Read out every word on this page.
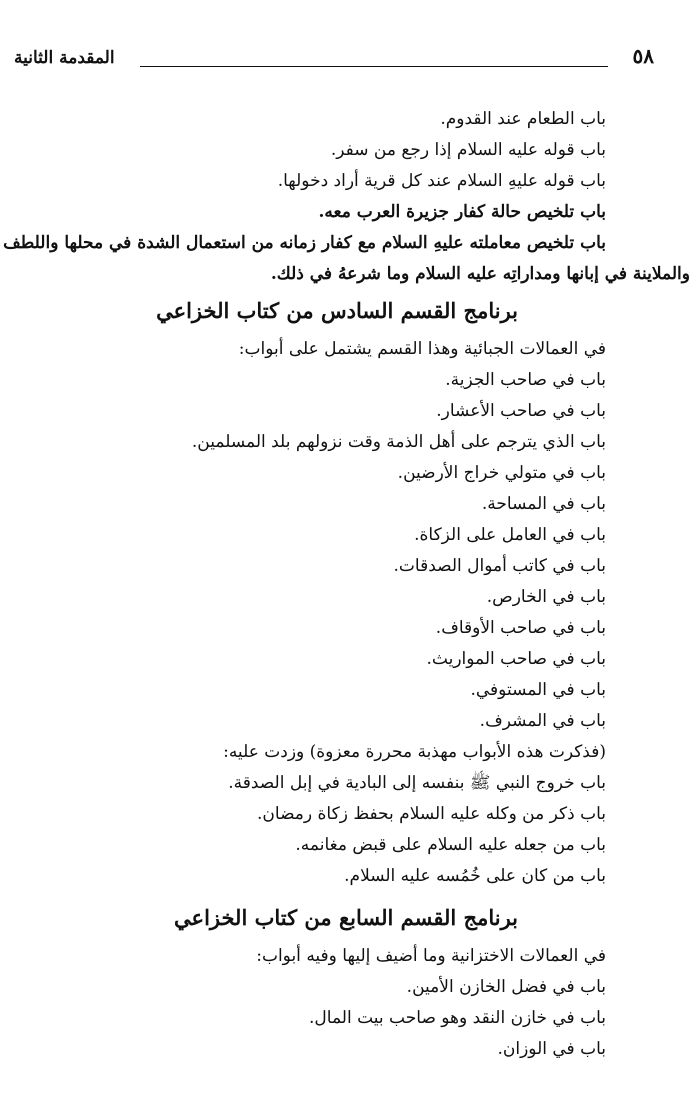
المقدمة الثانية	٥٨
باب الطعام عند القدوم.
باب قوله عليه السلام إذا رجع من سفر.
باب قوله عليهِ السلام عند كل قرية أراد دخولها.
باب تلخيص حالة كفار جزيرة العرب معه.
باب تلخيص معاملته عليهِ السلام مع كفار زمانه من استعمال الشدة في محلها واللطف
والملاينة في إبانها ومداراتِه عليه السلام وما شرعهُ في ذلك.
برنامج القسم السادس من كتاب الخزاعي
في العمالات الجبائية وهذا القسم يشتمل على أبواب:
باب في صاحب الجزية.
باب في صاحب الأعشار.
باب الذي يترجم على أهل الذمة وقت نزولهم بلد المسلمين.
باب في متولي خراج الأرضين.
باب في المساحة.
باب في العامل على الزكاة.
باب في كاتب أموال الصدقات.
باب في الخارص.
باب في صاحب الأوقاف.
باب في صاحب المواريث.
باب في المستوفي.
باب في المشرف.
(فذكرت هذه الأبواب مهذبة محررة معزوة) وزدت عليه:
باب خروج النبي ﷺ بنفسه إلى البادية في إبل الصدقة.
باب ذكر من وكله عليه السلام بحفظ زكاة رمضان.
باب من جعله عليه السلام على قبض مغانمه.
باب من كان على خُمُسه عليه السلام.
برنامج القسم السابع من كتاب الخزاعي
في العمالات الاختزانية وما أضيف إليها وفيه أبواب:
باب في فضل الخازن الأمين.
باب في خازن النقد وهو صاحب بيت المال.
باب في الوزان.
